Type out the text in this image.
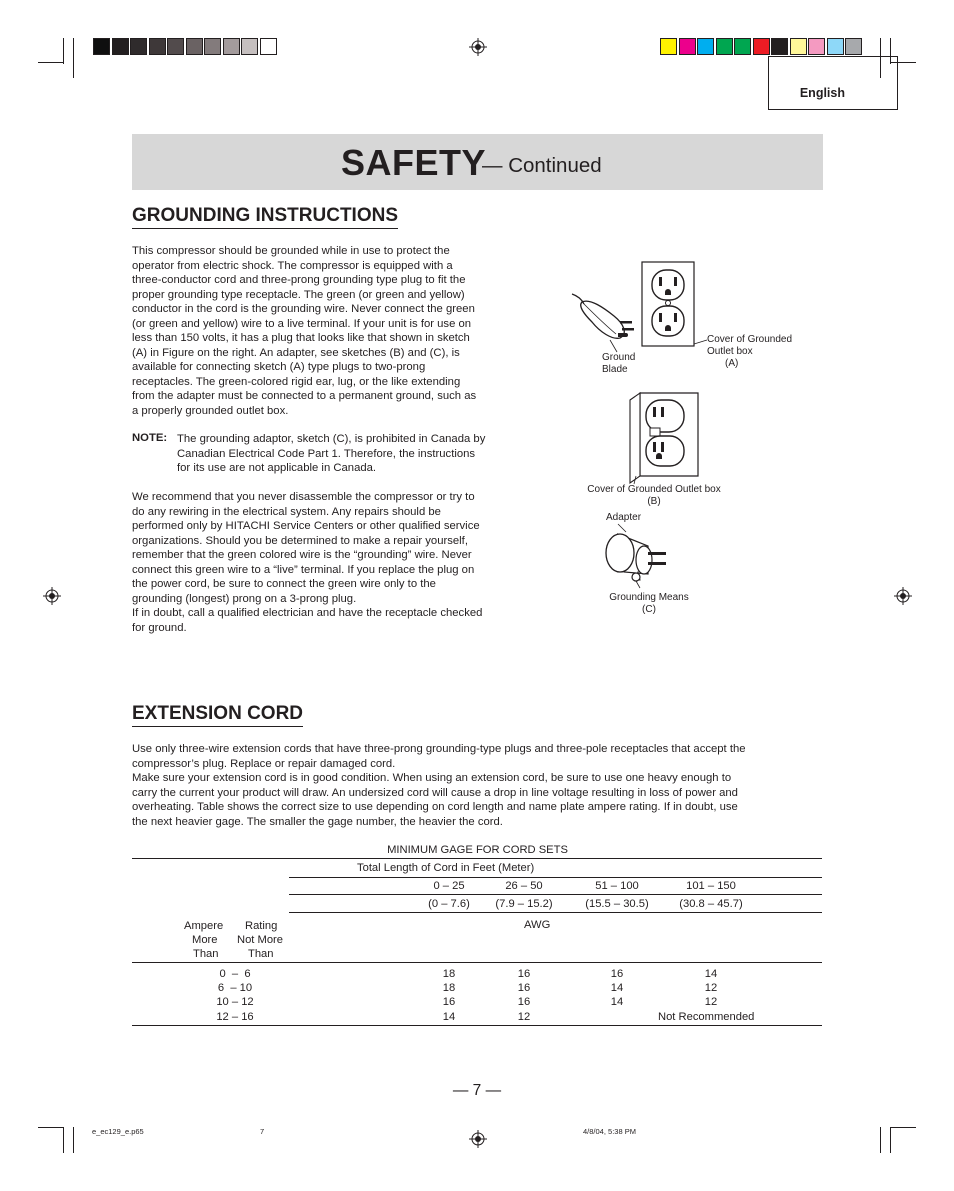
English
SAFETY
— Continued
GROUNDING INSTRUCTIONS
This compressor should be grounded while in use to protect the
operator from electric shock. The compressor is equipped with a
three-conductor cord and three-prong grounding type plug to fit the
proper grounding type receptacle. The green (or green and yellow)
conductor in the cord is the grounding wire. Never connect the green
(or green and yellow) wire to a live terminal. If your unit is for use on
less than 150 volts, it has a plug that looks like that shown in sketch
(A) in Figure on the right. An adapter, see sketches (B) and (C), is
available for connecting sketch (A) type plugs to two-prong
receptacles. The green-colored rigid ear, lug, or the like extending
from the adapter must be connected to a permanent ground, such as
a properly grounded outlet box.
NOTE: The grounding adaptor, sketch (C), is prohibited in Canada by
Canadian Electrical Code Part 1. Therefore, the instructions
for its use are not applicable in Canada.
We recommend that you never disassemble the compressor or try to
do any rewiring in the electrical system. Any repairs should be
performed only by HITACHI Service Centers or other qualified service
organizations. Should you be determined to make a repair yourself,
remember that the green colored wire is the “grounding” wire. Never
connect this green wire to a “live” terminal. If you replace the plug on
the power cord, be sure to connect the green wire only to the
grounding (longest) prong on a 3-prong plug.
If in doubt, call a qualified electrician and have the receptacle checked
for ground.
Ground
Blade
Cover of Grounded
Outlet box
(A)
Cover of Grounded Outlet box
(B)
Adapter
Grounding Means
(C)
EXTENSION CORD
Use only three-wire extension cords that have three-prong grounding-type plugs and three-pole receptacles that accept the
compressor’s plug. Replace or repair damaged cord.
Make sure your extension cord is in good condition. When using an extension cord, be sure to use one heavy enough to
carry the current your product will draw. An undersized cord will cause a drop in line voltage resulting in loss of power and
overheating. Table shows the correct size to use depending on cord length and name plate ampere rating. If in doubt, use
the next heavier gage. The smaller the gage number, the heavier the cord.
MINIMUM GAGE FOR CORD SETS
Total Length of Cord in Feet (Meter)
0 – 25	26 – 50	51 – 100	101 – 150
(0 – 7.6)	(7.9 – 15.2)	(15.5 – 30.5)	(30.8 – 45.7)
AWG
Ampere Rating
More Not More
Than	Than
0  –  6	18	16	16	14
6  – 10	18	16	14	12
10 – 12	16	16	14	12
12 – 16	14	12	Not Recommended
— 7 —
e_ec129_e.p65	7	4/8/04, 5:38 PM
